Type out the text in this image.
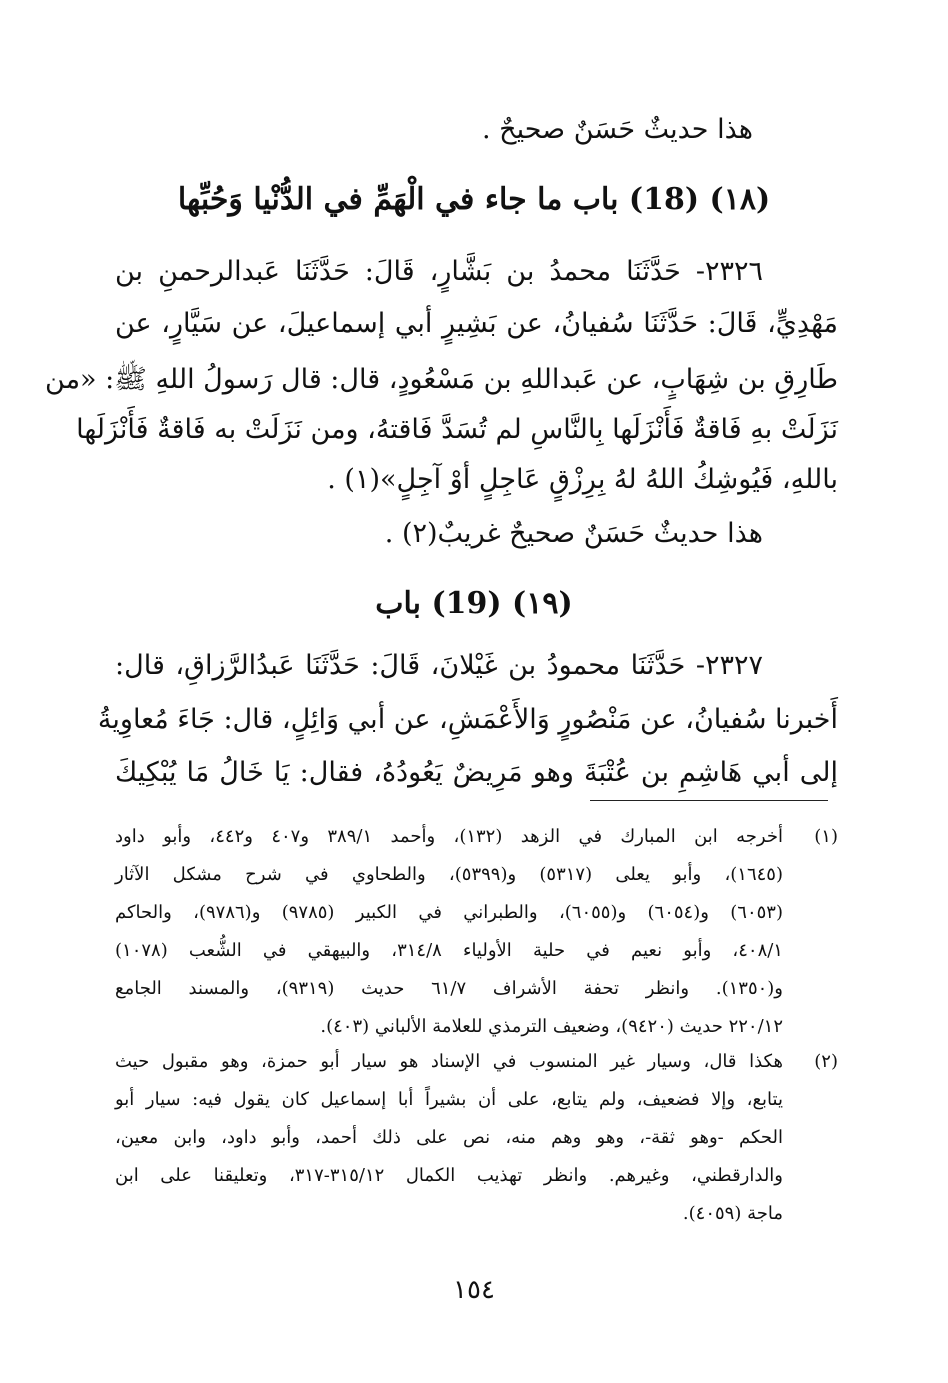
هذا حديثٌ حَسَنٌ صحيحٌ .
(١٨) (18) باب ما جاء في الْهَمِّ في الدُّنْيا وَحُبِّها
٢٣٢٦- حَدَّثَنَا محمدُ بن بَشَّارٍ، قَالَ: حَدَّثَنَا عَبدالرحمنِ بن
مَهْدِيٍّ، قَالَ: حَدَّثَنَا سُفيانُ، عن بَشِيرٍ أبي إسماعيلَ، عن سَيَّارٍ، عن
طَارِقِ بن شِهَابٍ، عن عَبداللهِ بن مَسْعُودٍ، قال: قال رَسولُ اللهِ ﷺ: «من
نَزَلَتْ بهِ فَاقةٌ فَأَنْزَلَها بِالنَّاسِ لم تُسَدَّ فَاقتهُ، ومن نَزَلَتْ به فَاقةٌ فَأَنْزَلَها
باللهِ، فَيُوشِكُ اللهُ لهُ بِرِزْقٍ عَاجِلٍ أوْ آجِلٍ»(١) .
هذا حديثٌ حَسَنٌ صحيحٌ غريبٌ(٢) .
(١٩) (19) باب
٢٣٢٧- حَدَّثَنَا محمودُ بن غَيْلانَ، قَالَ: حَدَّثَنَا عَبدُالرَّزاقِ، قال:
أَخبرنا سُفيانُ، عن مَنْصُورٍ وَالأَعْمَشِ، عن أبي وَائِلٍ، قال: جَاءَ مُعاوِيةُ
إلى أبي هَاشِمِ بن عُتْبَةَ وهو مَرِيضٌ يَعُودُهُ، فقال: يَا خَالُ مَا يُبْكِيكَ
(١)
أخرجه ابن المبارك في الزهد (١٣٢)، وأحمد ٣٨٩/١ و٤٠٧ و٤٤٢، وأبو داود
(١٦٤٥)، وأبو يعلى (٥٣١٧) و(٥٣٩٩)، والطحاوي في شرح مشكل الآثار
(٦٠٥٣) و(٦٠٥٤) و(٦٠٥٥)، والطبراني في الكبير (٩٧٨٥) و(٩٧٨٦)، والحاكم
٤٠٨/١، وأبو نعيم في حلية الأولياء ٣١٤/٨، والبيهقي في الشُّعب (١٠٧٨)
و(١٣٥٠). وانظر تحفة الأشراف ٦١/٧ حديث (٩٣١٩)، والمسند الجامع
٢٢٠/١٢ حديث (٩٤٢٠)، وضعيف الترمذي للعلامة الألباني (٤٠٣).
(٢)
هكذا قال، وسيار غير المنسوب في الإسناد هو سيار أبو حمزة، وهو مقبول حيث
يتابع، وإلا فضعيف، ولم يتابع، على أن بشيراً أبا إسماعيل كان يقول فيه: سيار أبو
الحكم -وهو ثقة-، وهو وهم منه، نص على ذلك أحمد، وأبو داود، وابن معين،
والدارقطني، وغيرهم. وانظر تهذيب الكمال ٣١٥/١٢-٣١٧، وتعليقنا على ابن
ماجة (٤٠٥٩).
١٥٤
